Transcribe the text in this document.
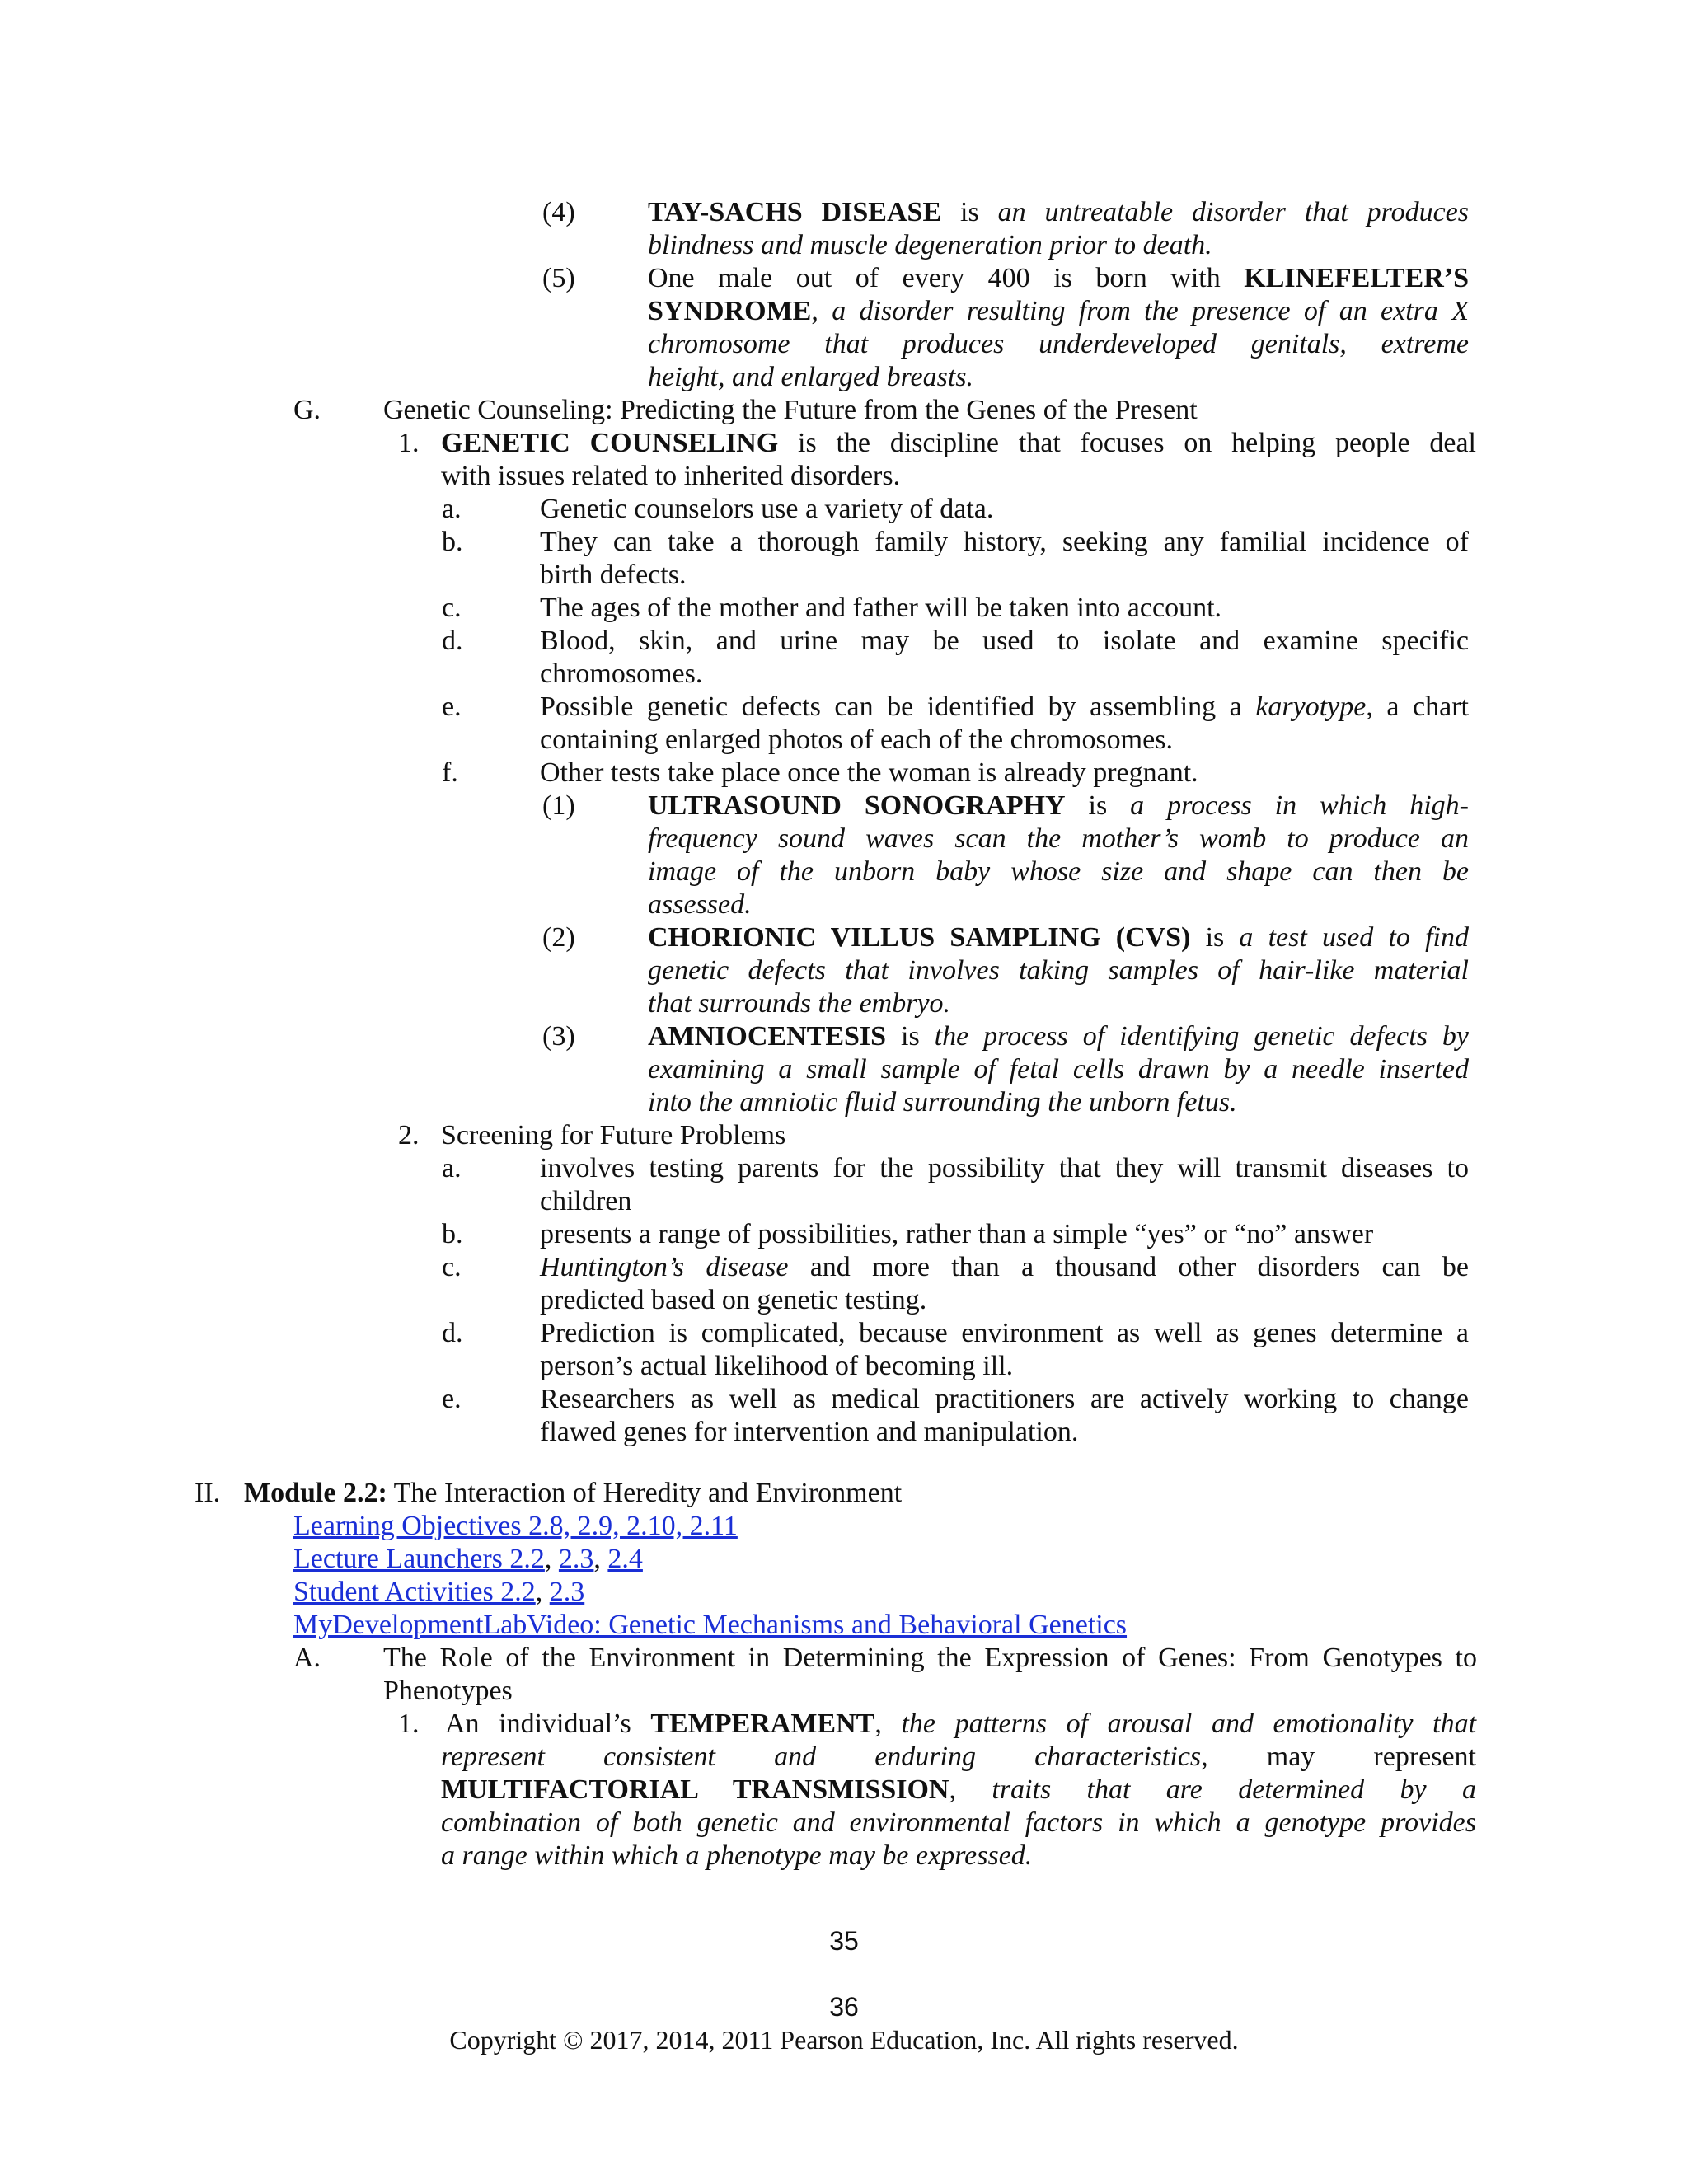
(4)	TAY-SACHS DISEASE is an untreatable disorder that produces
blindness and muscle degeneration prior to death.
(5)	One male out of every 400 is born with KLINEFELTER’S
SYNDROME, a disorder resulting from the presence of an extra X
chromosome that produces underdeveloped genitals, extreme
height, and enlarged breasts.
G. Genetic Counseling: Predicting the Future from the Genes of the Present
1. GENETIC COUNSELING is the discipline that focuses on helping people deal
with issues related to inherited disorders.
a.	Genetic counselors use a variety of data.
b.	They can take a thorough family history, seeking any familial incidence of
birth defects.
c.	The ages of the mother and father will be taken into account.
d.	Blood, skin, and urine may be used to isolate and examine specific
chromosomes.
e.	Possible genetic defects can be identified by assembling a karyotype, a chart
containing enlarged photos of each of the chromosomes.
f.	Other tests take place once the woman is already pregnant.
(1)	ULTRASOUND SONOGRAPHY is a process in which high-
frequency sound waves scan the mother’s womb to produce an
image of the unborn baby whose size and shape can then be
assessed.
(2)	CHORIONIC VILLUS SAMPLING (CVS) is a test used to find
genetic defects that involves taking samples of hair-like material
that surrounds the embryo.
(3)	AMNIOCENTESIS is the process of identifying genetic defects by
examining a small sample of fetal cells drawn by a needle inserted
into the amniotic fluid surrounding the unborn fetus.
2. Screening for Future Problems
a.	involves testing parents for the possibility that they will transmit diseases to
children
b.	presents a range of possibilities, rather than a simple “yes” or “no” answer
c.	Huntington’s disease and more than a thousand other disorders can be
predicted based on genetic testing.
d.	Prediction is complicated, because environment as well as genes determine a
person’s actual likelihood of becoming ill.
e.	Researchers as well as medical practitioners are actively working to change
flawed genes for intervention and manipulation.
II. Module 2.2: The Interaction of Heredity and Environment
Learning Objectives 2.8, 2.9, 2.10, 2.11
Lecture Launchers 2.2, 2.3, 2.4
Student Activities 2.2, 2.3
MyDevelopmentLabVideo: Genetic Mechanisms and Behavioral Genetics
A. The Role of the Environment in Determining the Expression of Genes: From Genotypes to
Phenotypes
1. An individual’s TEMPERAMENT, the patterns of arousal and emotionality that
represent consistent and enduring characteristics, may represent
MULTIFACTORIAL TRANSMISSION, traits that are determined by a
combination of both genetic and environmental factors in which a genotype provides
a range within which a phenotype may be expressed.
35
36
Copyright © 2017, 2014, 2011 Pearson Education, Inc. All rights reserved.
